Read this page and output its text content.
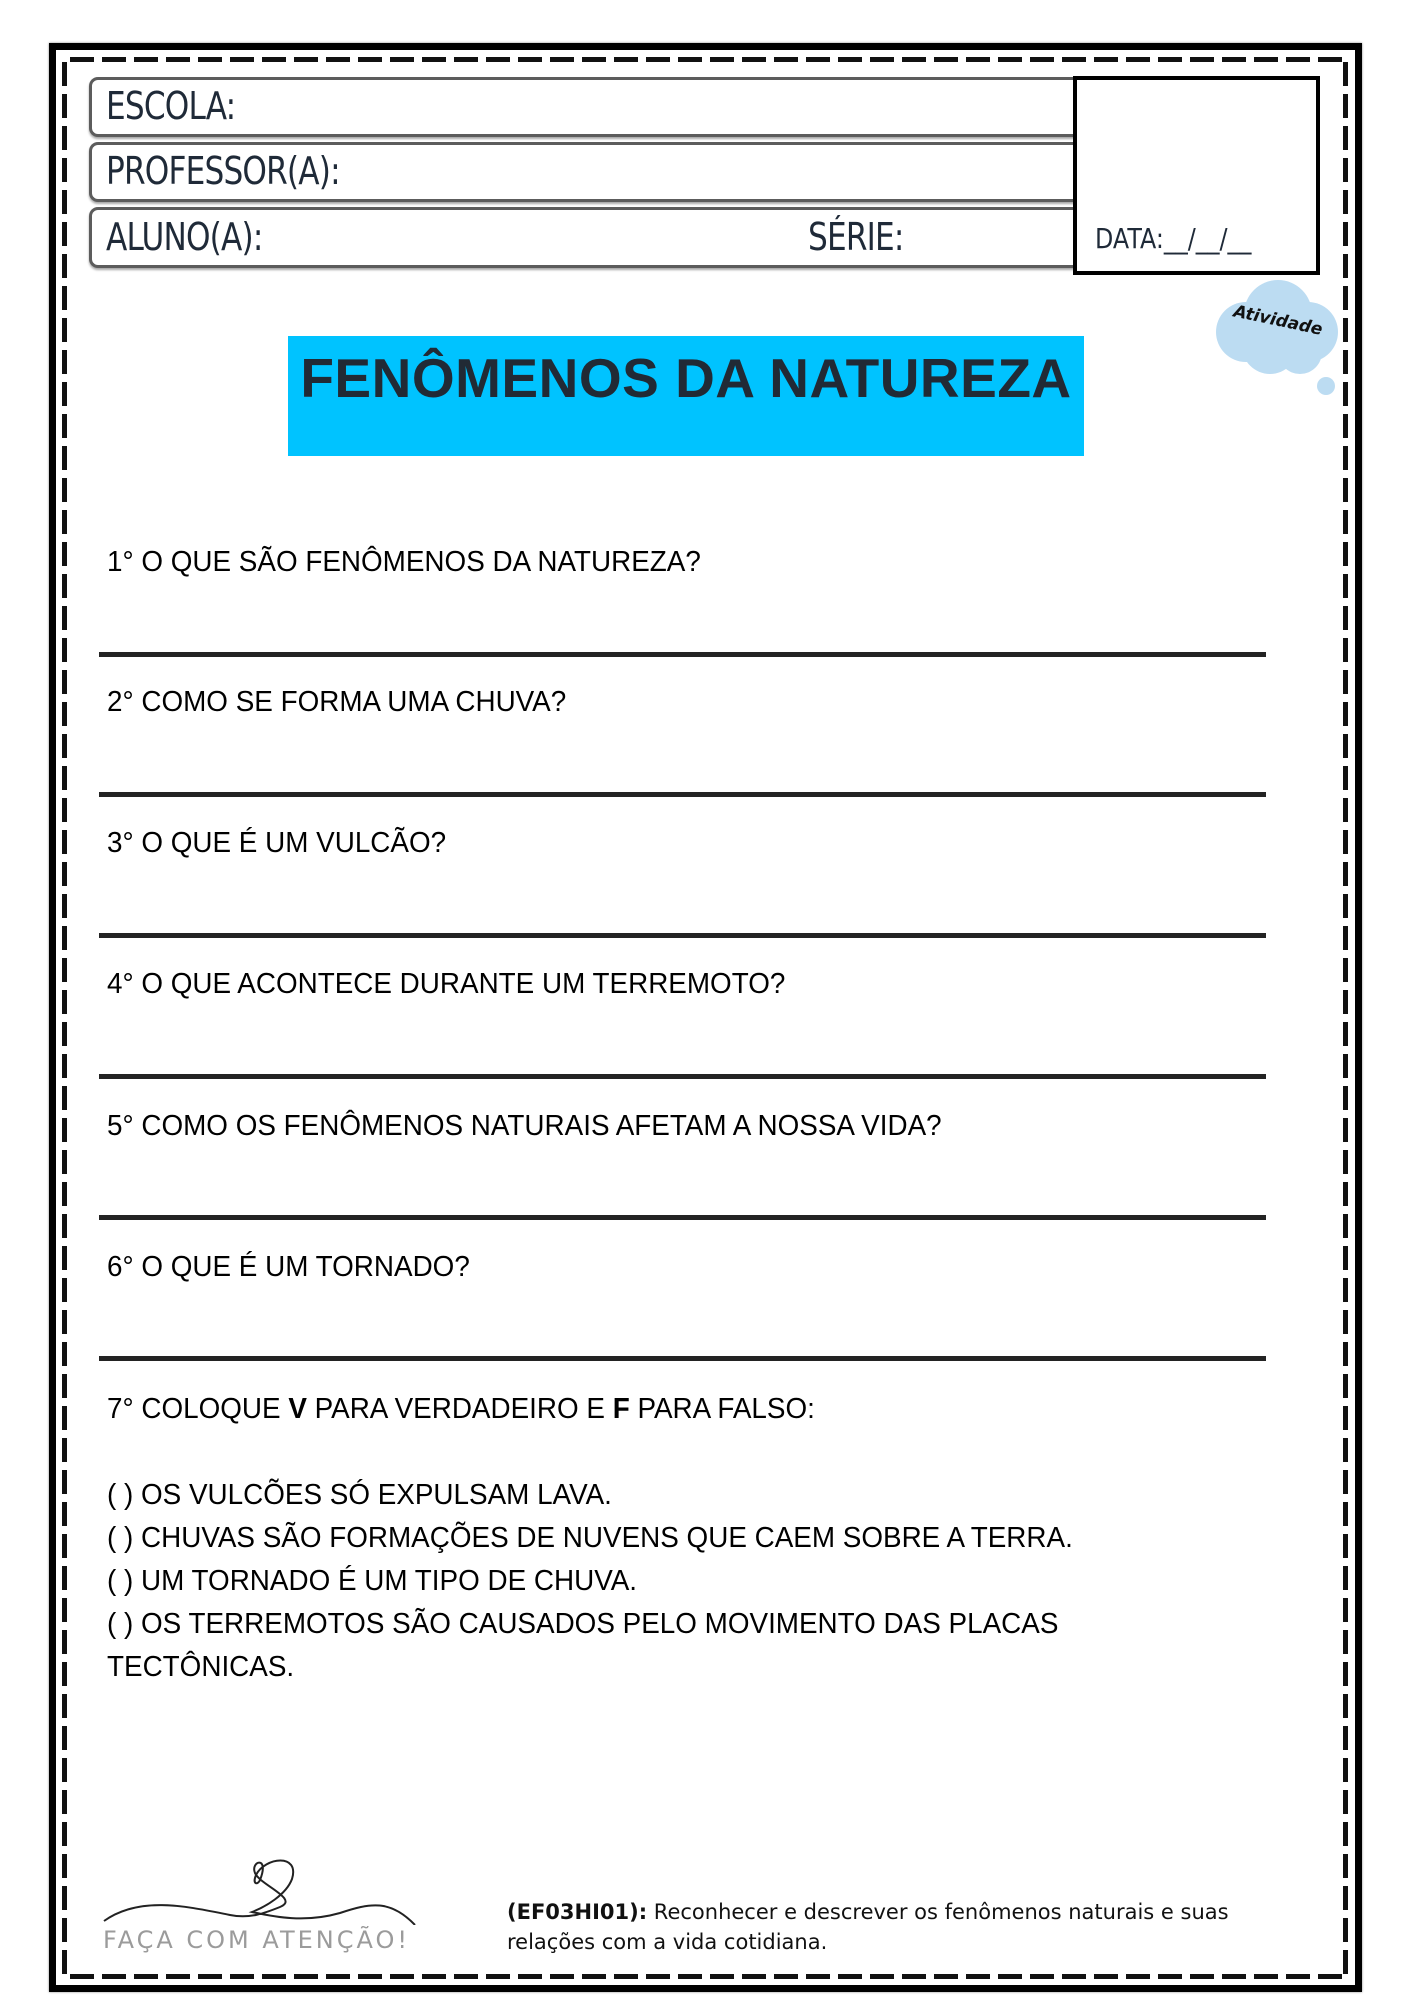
ESCOLA:
PROFESSOR(A):
ALUNO(A):	SÉRIE:	DATA:__/__/__
Atividade
FENÔMENOS DA NATUREZA
1° O QUE SÃO FENÔMENOS DA NATUREZA?
2° COMO SE FORMA UMA CHUVA?
3° O QUE É UM VULCÃO?
4° O QUE ACONTECE DURANTE UM TERREMOTO?
5° COMO OS FENÔMENOS NATURAIS AFETAM A NOSSA VIDA?
6° O QUE É UM TORNADO?
7° COLOQUE V PARA VERDADEIRO E F PARA FALSO:
( ) OS VULCÕES SÓ EXPULSAM LAVA.
( ) CHUVAS SÃO FORMAÇÕES DE NUVENS QUE CAEM SOBRE A TERRA.
( ) UM TORNADO É UM TIPO DE CHUVA.
( ) OS TERREMOTOS SÃO CAUSADOS PELO MOVIMENTO DAS PLACAS
TECTÔNICAS.
FAÇA COM ATENÇÃO!
(EF03HI01): Reconhecer e descrever os fenômenos naturais e suas relações com a vida cotidiana.
